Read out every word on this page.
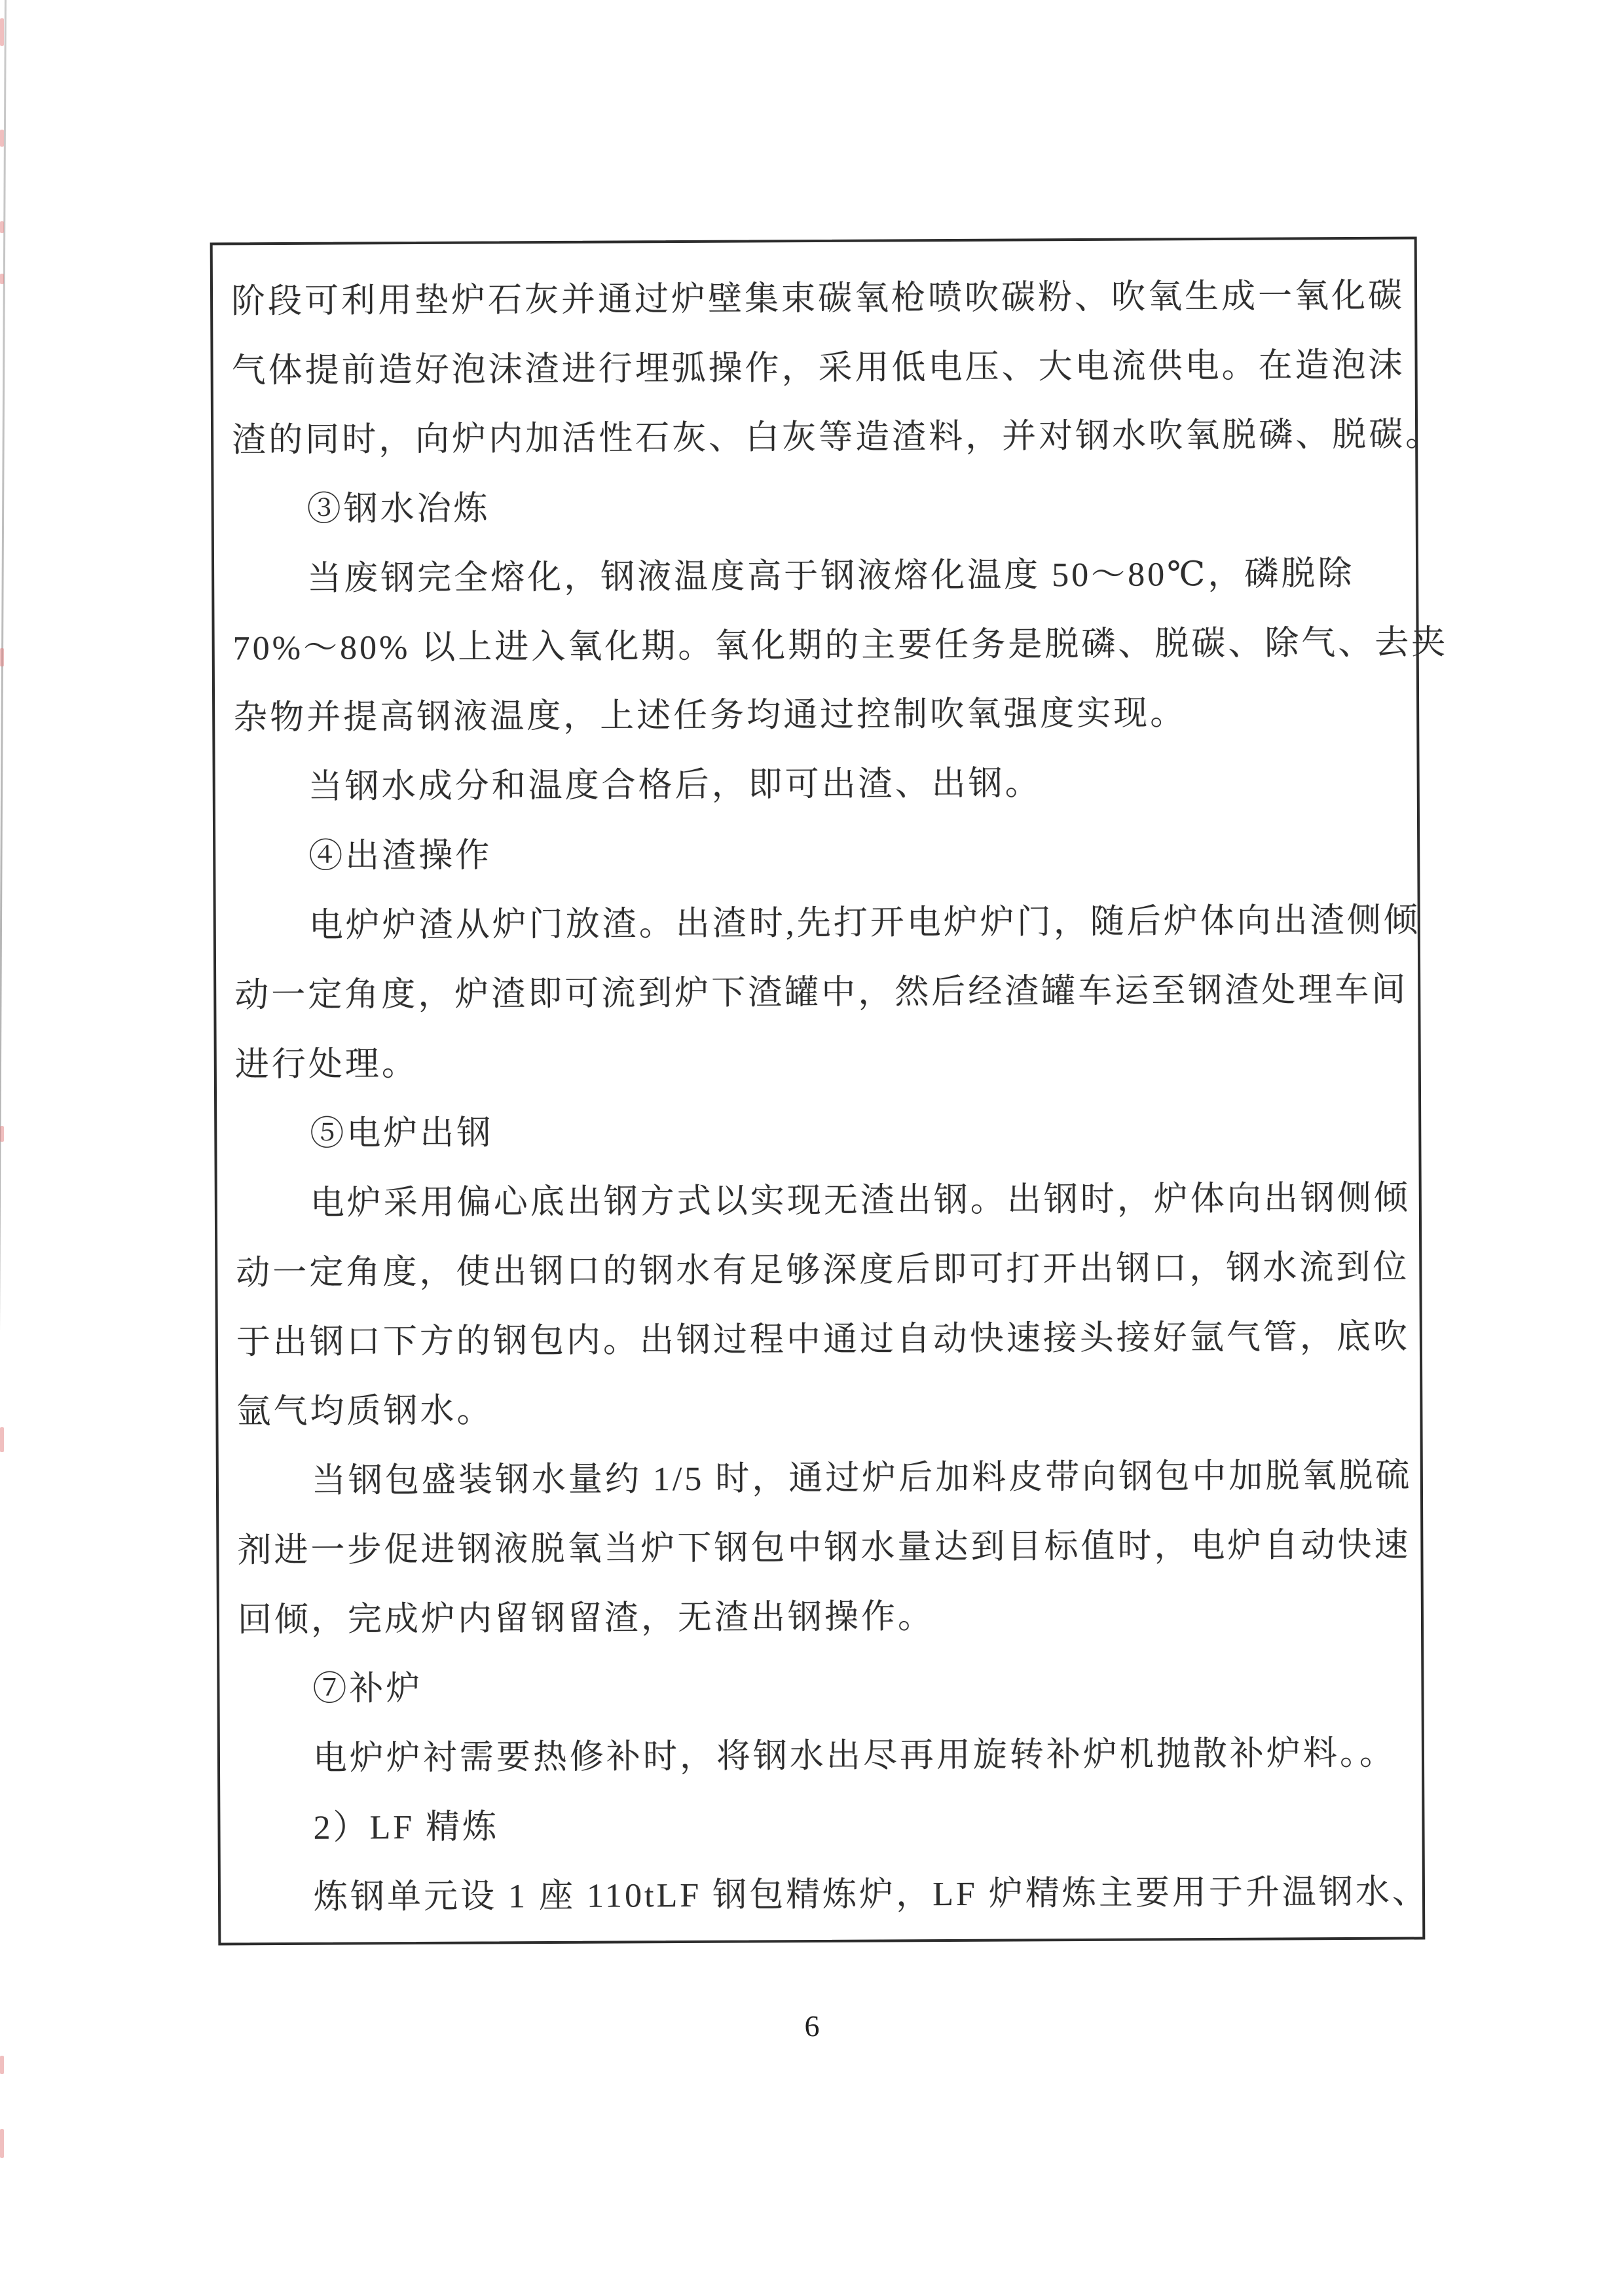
阶段可利用垫炉石灰并通过炉壁集束碳氧枪喷吹碳粉、吹氧生成一氧化碳
气体提前造好泡沫渣进行埋弧操作，采用低电压、大电流供电。在造泡沫
渣的同时，向炉内加活性石灰、白灰等造渣料，并对钢水吹氧脱磷、脱碳。
③钢水冶炼
当废钢完全熔化，钢液温度高于钢液熔化温度 50～80℃，磷脱除
70%～80% 以上进入氧化期。氧化期的主要任务是脱磷、脱碳、除气、去夹
杂物并提高钢液温度，上述任务均通过控制吹氧强度实现。
当钢水成分和温度合格后，即可出渣、出钢。
④出渣操作
电炉炉渣从炉门放渣。出渣时,先打开电炉炉门，随后炉体向出渣侧倾
动一定角度，炉渣即可流到炉下渣罐中，然后经渣罐车运至钢渣处理车间
进行处理。
⑤电炉出钢
电炉采用偏心底出钢方式以实现无渣出钢。出钢时，炉体向出钢侧倾
动一定角度，使出钢口的钢水有足够深度后即可打开出钢口，钢水流到位
于出钢口下方的钢包内。出钢过程中通过自动快速接头接好氩气管，底吹
氩气均质钢水。
当钢包盛装钢水量约 1/5 时，通过炉后加料皮带向钢包中加脱氧脱硫
剂进一步促进钢液脱氧当炉下钢包中钢水量达到目标值时，电炉自动快速
回倾，完成炉内留钢留渣，无渣出钢操作。
⑦补炉
电炉炉衬需要热修补时，将钢水出尽再用旋转补炉机抛散补炉料。。
2）LF 精炼
炼钢单元设 1 座 110tLF 钢包精炼炉，LF 炉精炼主要用于升温钢水、
6
